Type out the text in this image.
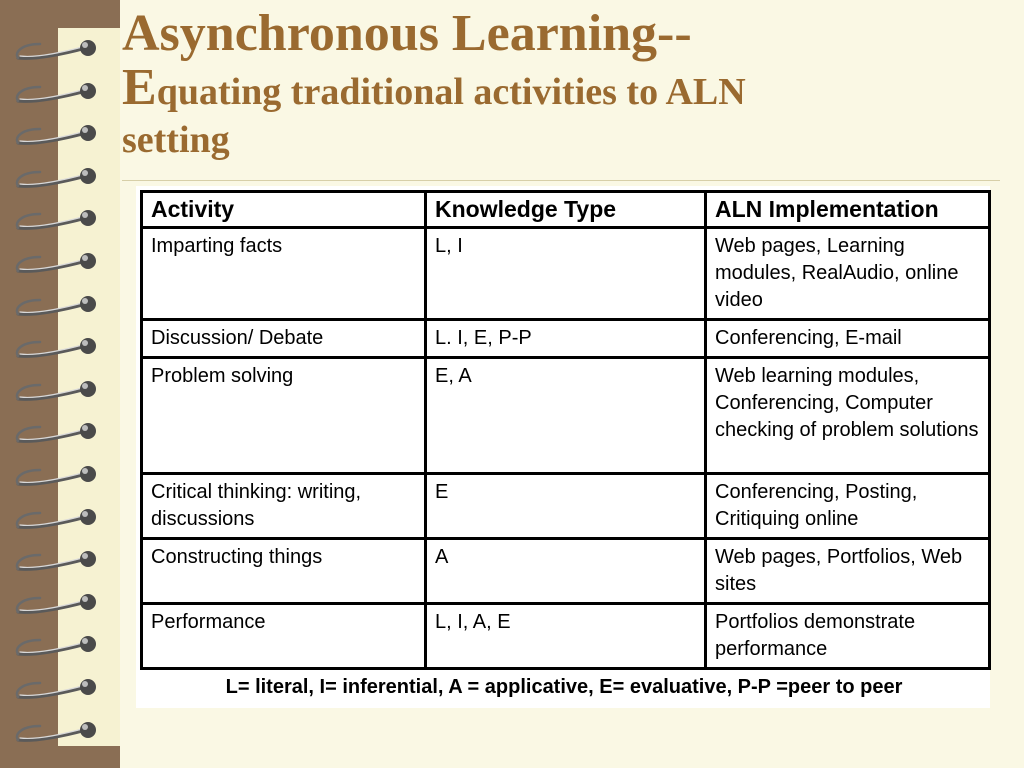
Asynchronous Learning--
Equating traditional activities to ALN
setting
Activity	Knowledge Type	ALN Implementation
Imparting facts	L, I	Web pages, Learning modules, RealAudio, online video
Discussion/ Debate	L. I, E, P-P	Conferencing, E-mail
Problem solving	E, A	Web learning modules, Conferencing, Computer checking of problem solutions
Critical thinking: writing, discussions	E	Conferencing, Posting, Critiquing online
Constructing things	A	Web pages, Portfolios, Web sites
Performance	L, I, A, E	Portfolios demonstrate performance
L= literal, I= inferential, A = applicative, E= evaluative, P-P =peer to peer
